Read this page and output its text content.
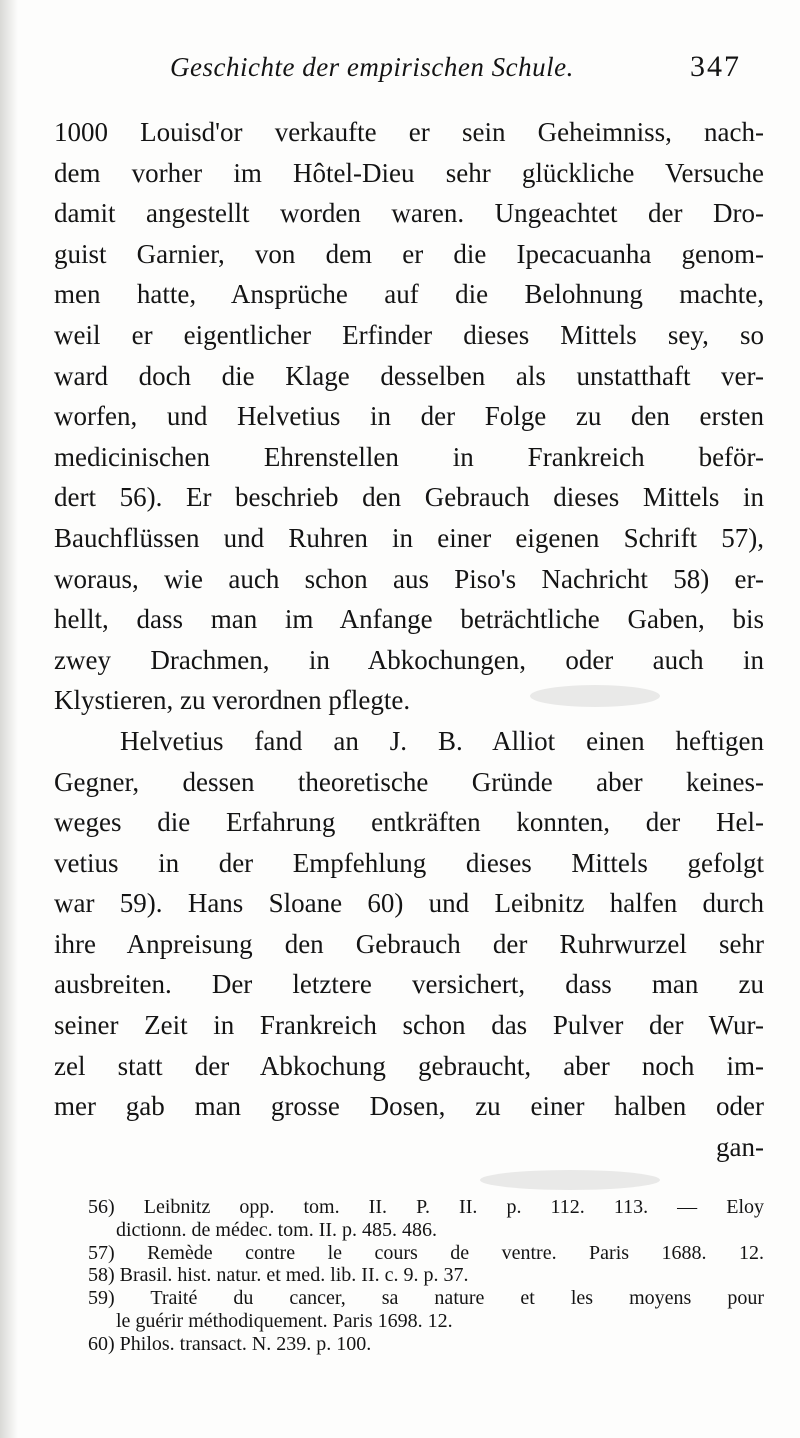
Geschichte der empirischen Schule.	347
1000 Louisd'or verkaufte er sein Geheimniss, nach-
dem vorher im Hôtel-Dieu sehr glückliche Versuche
damit angestellt worden waren. Ungeachtet der Dro-
guist Garnier, von dem er die Ipecacuanha genom-
men hatte, Ansprüche auf die Belohnung machte,
weil er eigentlicher Erfinder dieses Mittels sey, so
ward doch die Klage desselben als unstatthaft ver-
worfen, und Helvetius in der Folge zu den ersten
medicinischen Ehrenstellen in Frankreich beför-
dert 56). Er beschrieb den Gebrauch dieses Mittels in
Bauchflüssen und Ruhren in einer eigenen Schrift 57),
woraus, wie auch schon aus Piso's Nachricht 58) er-
hellt, dass man im Anfange beträchtliche Gaben, bis
zwey Drachmen, in Abkochungen, oder auch in
Klystieren, zu verordnen pflegte.
Helvetius fand an J. B. Alliot einen heftigen
Gegner, dessen theoretische Gründe aber keines-
weges die Erfahrung entkräften konnten, der Hel-
vetius in der Empfehlung dieses Mittels gefolgt
war 59). Hans Sloane 60) und Leibnitz halfen durch
ihre Anpreisung den Gebrauch der Ruhrwurzel sehr
ausbreiten. Der letztere versichert, dass man zu
seiner Zeit in Frankreich schon das Pulver der Wur-
zel statt der Abkochung gebraucht, aber noch im-
mer gab man grosse Dosen, zu einer halben oder
gan-
56) Leibnitz opp. tom. II. P. II. p. 112. 113. — Eloy
dictionn. de médec. tom. II. p. 485. 486.
57) Remède contre le cours de ventre. Paris 1688. 12.
58) Brasil. hist. natur. et med. lib. II. c. 9. p. 37.
59) Traité du cancer, sa nature et les moyens pour
le guérir méthodiquement. Paris 1698. 12.
60) Philos. transact. N. 239. p. 100.
